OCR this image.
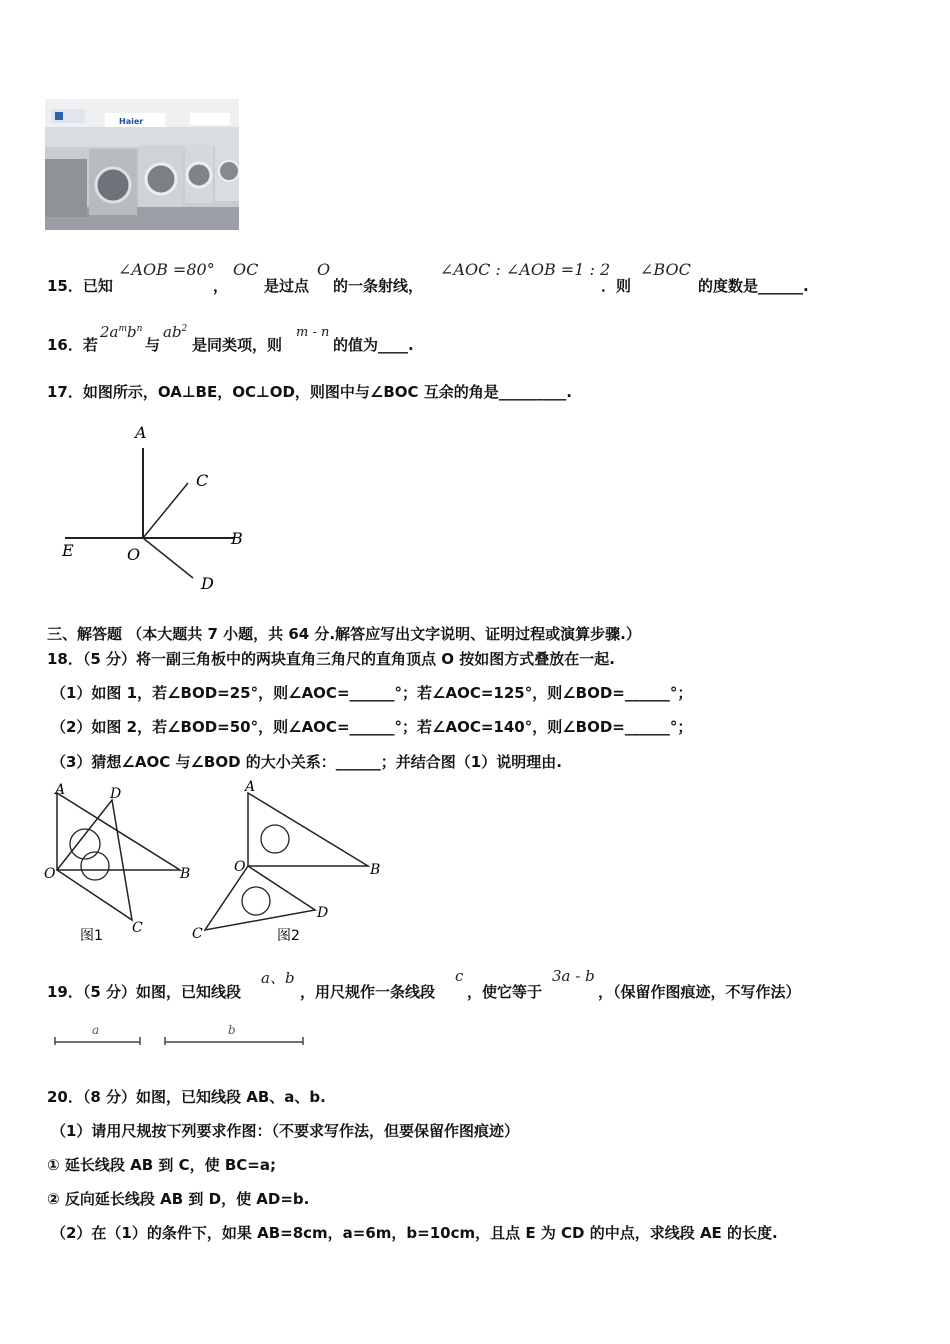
Haier
15．已知
∠AOB =80°
，
OC
是过点
O
的一条射线，
∠AOC : ∠AOB =1 : 2
．则
∠BOC
的度数是______.
16．若
$2a^mb^n$
与
$ab^2$
是同类项，则
m - n
的值为____.
17．如图所示，OA⊥BE，OC⊥OD，则图中与∠BOC 互余的角是_________.
A
C
B
E	O
D
三、解答题 （本大题共 7 小题，共 64 分.解答应写出文字说明、证明过程或演算步骤.）
18．（5 分）将一副三角板中的两块直角三角尺的直角顶点 O 按如图方式叠放在一起.
（1）如图 1，若∠BOD=25°，则∠AOC=______°；若∠AOC=125°，则∠BOD=______°；
（2）如图 2，若∠BOD=50°，则∠AOC=______°；若∠AOC=140°，则∠BOD=______°；
（3）猜想∠AOC 与∠BOD 的大小关系：______；并结合图（1）说明理由.
A	D
O	B
C
图1
A
O	B
D
C	图2
19．（5 分）如图，已知线段
a、b
，用尺规作一条线段
c
，使它等于
3a - b
，（保留作图痕迹，不写作法）
a	b
20．（8 分）如图，已知线段 AB、a、b.
（1）请用尺规按下列要求作图：（不要求写作法，但要保留作图痕迹）
① 延长线段 AB 到 C，使 BC=a;
② 反向延长线段 AB 到 D，使 AD=b.
（2）在（1）的条件下，如果 AB=8cm，a=6m，b=10cm，且点 E 为 CD 的中点，求线段 AE 的长度.
